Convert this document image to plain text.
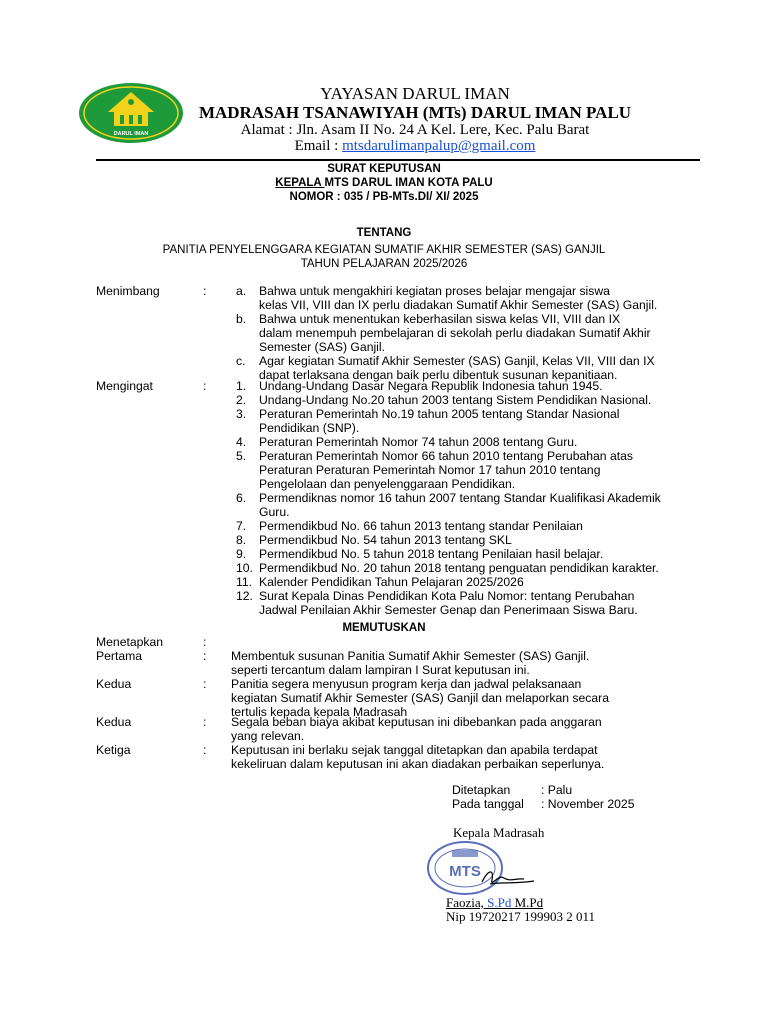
DARUL IMAN
YAYASAN DARUL IMAN
MADRASAH TSANAWIYAH (MTs) DARUL IMAN PALU
Alamat : Jln. Asam II No. 24 A Kel. Lere, Kec. Palu Barat
Email : mtsdarulimanpalup@gmail.com
SURAT KEPUTUSAN
KEPALA MTS DARUL IMAN KOTA PALU
NOMOR : 035 / PB-MTs.DI/ XI/ 2025
TENTANG
PANITIA PENYELENGGARA KEGIATAN SUMATIF AKHIR SEMESTER (SAS) GANJIL
TAHUN PELAJARAN 2025/2026
Menimbang	: a. Bahwa untuk mengakhiri kegiatan proses belajar mengajar siswa
kelas VII, VIII dan IX perlu diadakan Sumatif Akhir Semester (SAS) Ganjil.
b. Bahwa untuk menentukan keberhasilan siswa kelas VII, VIII dan IX
dalam menempuh pembelajaran di sekolah perlu diadakan Sumatif Akhir
Semester (SAS) Ganjil.
c. Agar kegiatan Sumatif Akhir Semester (SAS) Ganjil, Kelas VII, VIII dan IX
dapat terlaksana dengan baik perlu dibentuk susunan kepanitiaan.
Mengingat	: 1. Undang-Undang Dasar Negara Republik Indonesia tahun 1945.
2. Undang-Undang No.20 tahun 2003 tentang Sistem Pendidikan Nasional.
3. Peraturan Pemerintah No.19 tahun 2005 tentang Standar Nasional
Pendidikan (SNP).
4. Peraturan Pemerintah Nomor 74 tahun 2008 tentang Guru.
5. Peraturan Pemerintah Nomor 66 tahun 2010 tentang Perubahan atas
Peraturan Peraturan Pemerintah Nomor 17 tahun 2010 tentang
Pengelolaan dan penyelenggaraan Pendidikan.
6. Permendiknas nomor 16 tahun 2007 tentang Standar Kualifikasi Akademik
Guru.
7. Permendikbud No. 66 tahun 2013 tentang standar Penilaian
8. Permendikbud No. 54 tahun 2013 tentang SKL
9. Permendikbud No. 5 tahun 2018 tentang Penilaian hasil belajar.
10. Permendikbud No. 20 tahun 2018 tentang penguatan pendidikan karakter.
11. Kalender Pendidikan Tahun Pelajaran 2025/2026
12. Surat Kepala Dinas Pendidikan Kota Palu Nomor: tentang Perubahan
Jadwal Penilaian Akhir Semester Genap dan Penerimaan Siswa Baru.
Menetapkan	:
Pertama	: Membentuk susunan Panitia Sumatif Akhir Semester (SAS) Ganjil.
seperti tercantum dalam lampiran I Surat keputusan ini.
Kedua	: Panitia segera menyusun program kerja dan jadwal pelaksanaan
kegiatan Sumatif Akhir Semester (SAS) Ganjil dan melaporkan secara
tertulis kepada kepala Madrasah
Kedua	: Segala beban biaya akibat keputusan ini dibebankan pada anggaran
yang relevan.
Ketiga	: Keputusan ini berlaku sejak tanggal ditetapkan dan apabila terdapat
kekeliruan dalam keputusan ini akan diadakan perbaikan seperlunya.
MEMUTUSKAN
Ditetapkan	: Palu
Pada tanggal : November 2025
Kepala Madrasah
MTS
Faozia, S.Pd M.Pd
Nip 19720217 199903 2 011
